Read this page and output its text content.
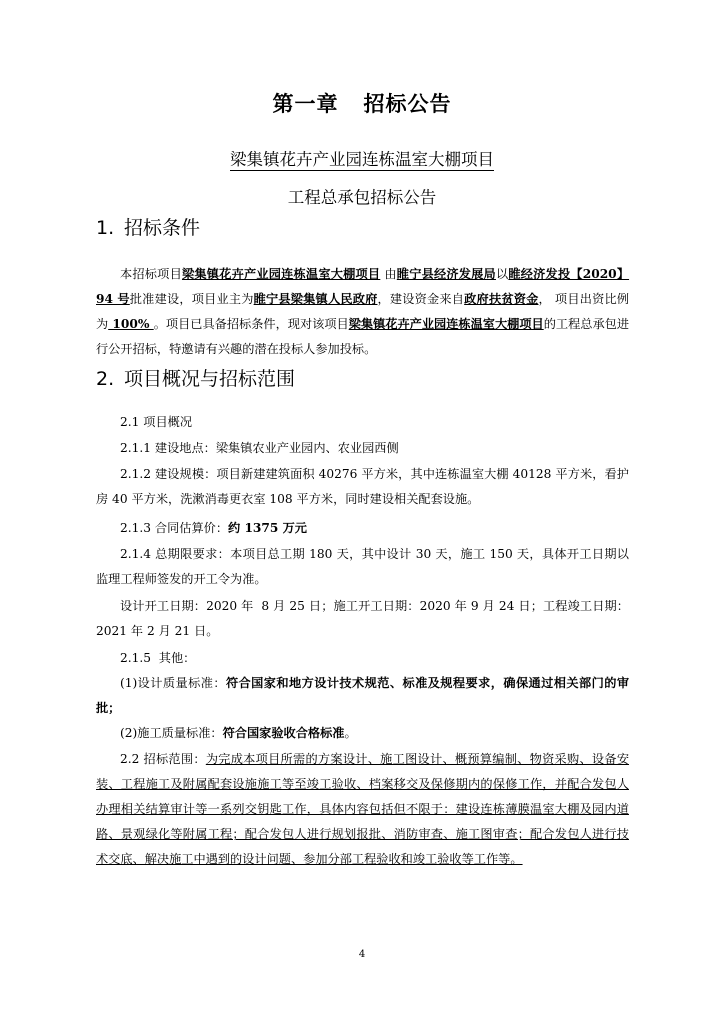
第一章   招标公告
梁集镇花卉产业园连栋温室大棚项目
工程总承包招标公告
1. 招标条件
本招标项目梁集镇花卉产业园连栋温室大棚项目 由睢宁县经济发展局以睢经济发投【2020】94 号批准建设，项目业主为睢宁县梁集镇人民政府，建设资金来自政府扶贫资金， 项目出资比例为 100% 。项目已具备招标条件，现对该项目梁集镇花卉产业园连栋温室大棚项目的工程总承包进行公开招标，特邀请有兴趣的潜在投标人参加投标。
2. 项目概况与招标范围
2.1 项目概况
2.1.1 建设地点：梁集镇农业产业园内、农业园西侧
2.1.2 建设规模：项目新建建筑面积 40276 平方米，其中连栋温室大棚 40128 平方米，看护房 40 平方米，洗漱消毒更衣室 108 平方米，同时建设相关配套设施。
2.1.3 合同估算价：约 1375 万元
2.1.4 总期限要求：本项目总工期 180 天，其中设计 30 天，施工 150 天，具体开工日期以监理工程师签发的开工令为准。
设计开工日期：2020 年  8 月 25 日；施工开工日期：2020 年 9 月 24 日；工程竣工日期：2021 年 2 月 21 日。
2.1.5  其他：
(1)设计质量标准：符合国家和地方设计技术规范、标准及规程要求，确保通过相关部门的审批；
(2)施工质量标准：符合国家验收合格标准。
2.2 招标范围：为完成本项目所需的方案设计、施工图设计、概预算编制、物资采购、设备安装、工程施工及附属配套设施施工等至竣工验收、档案移交及保修期内的保修工作，并配合发包人办理相关结算审计等一系列交钥匙工作，具体内容包括但不限于：建设连栋薄膜温室大棚及园内道路、景观绿化等附属工程；配合发包人进行规划报批、消防审查、施工图审查；配合发包人进行技术交底、解决施工中遇到的设计问题、参加分部工程验收和竣工验收等工作等。
4
